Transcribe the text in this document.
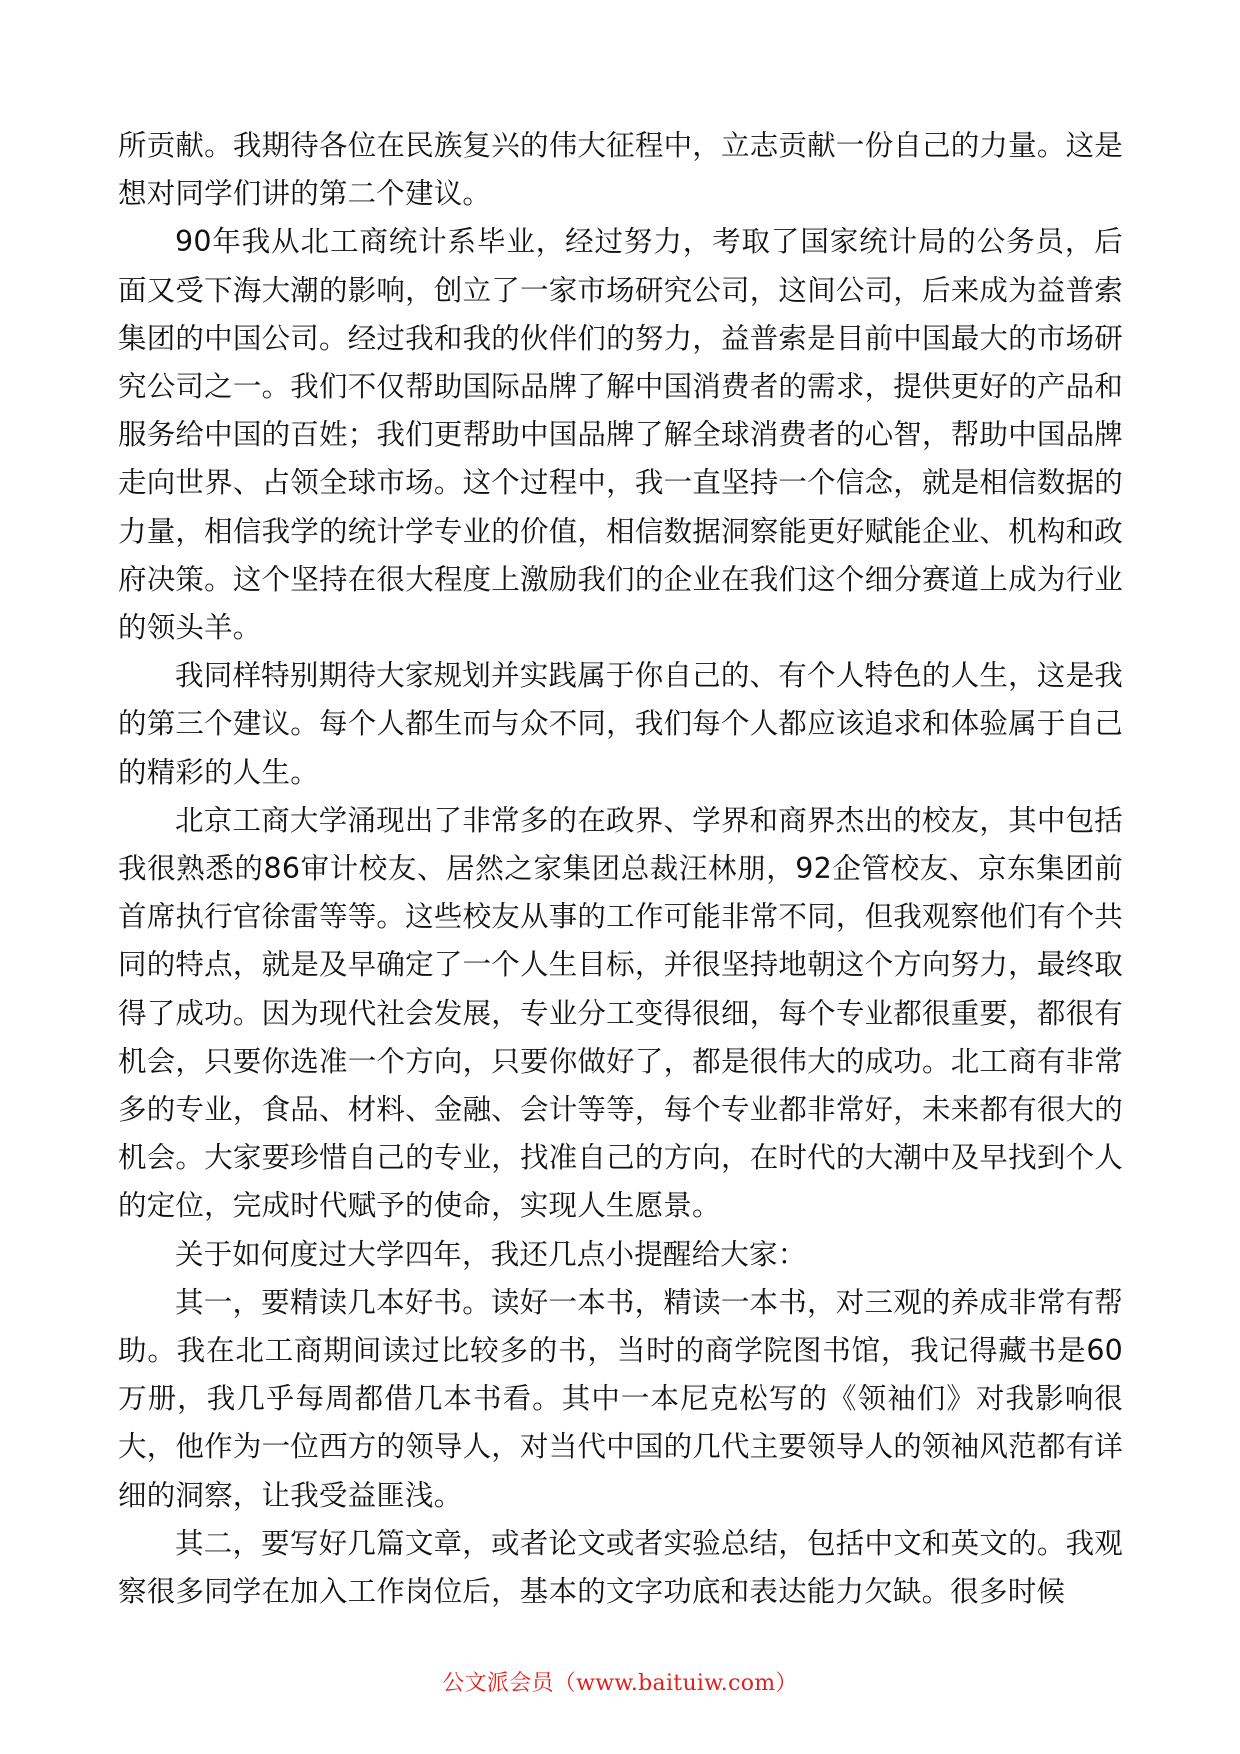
所贡献。我期待各位在民族复兴的伟大征程中，立志贡献一份自己的力量。这是想对同学们讲的第二个建议。

90年我从北工商统计系毕业，经过努力，考取了国家统计局的公务员，后面又受下海大潮的影响，创立了一家市场研究公司，这间公司，后来成为益普索集团的中国公司。经过我和我的伙伴们的努力，益普索是目前中国最大的市场研究公司之一。我们不仅帮助国际品牌了解中国消费者的需求，提供更好的产品和服务给中国的百姓；我们更帮助中国品牌了解全球消费者的心智，帮助中国品牌走向世界、占领全球市场。这个过程中，我一直坚持一个信念，就是相信数据的力量，相信我学的统计学专业的价值，相信数据洞察能更好赋能企业、机构和政府决策。这个坚持在很大程度上激励我们的企业在我们这个细分赛道上成为行业的领头羊。

我同样特别期待大家规划并实践属于你自己的、有个人特色的人生，这是我的第三个建议。每个人都生而与众不同，我们每个人都应该追求和体验属于自己的精彩的人生。

北京工商大学涌现出了非常多的在政界、学界和商界杰出的校友，其中包括我很熟悉的86审计校友、居然之家集团总裁汪林朋，92企管校友、京东集团前首席执行官徐雷等等。这些校友从事的工作可能非常不同，但我观察他们有个共同的特点，就是及早确定了一个人生目标，并很坚持地朝这个方向努力，最终取得了成功。因为现代社会发展，专业分工变得很细，每个专业都很重要，都很有机会，只要你选准一个方向，只要你做好了，都是很伟大的成功。北工商有非常多的专业，食品、材料、金融、会计等等，每个专业都非常好，未来都有很大的机会。大家要珍惜自己的专业，找准自己的方向，在时代的大潮中及早找到个人的定位，完成时代赋予的使命，实现人生愿景。

关于如何度过大学四年，我还几点小提醒给大家：

其一，要精读几本好书。读好一本书，精读一本书，对三观的养成非常有帮助。我在北工商期间读过比较多的书，当时的商学院图书馆，我记得藏书是60万册，我几乎每周都借几本书看。其中一本尼克松写的《领袖们》对我影响很大，他作为一位西方的领导人，对当代中国的几代主要领导人的领袖风范都有详细的洞察，让我受益匪浅。

其二，要写好几篇文章，或者论文或者实验总结，包括中文和英文的。我观察很多同学在加入工作岗位后，基本的文字功底和表达能力欠缺。很多时候

公文派会员（www.baituiw.com）
